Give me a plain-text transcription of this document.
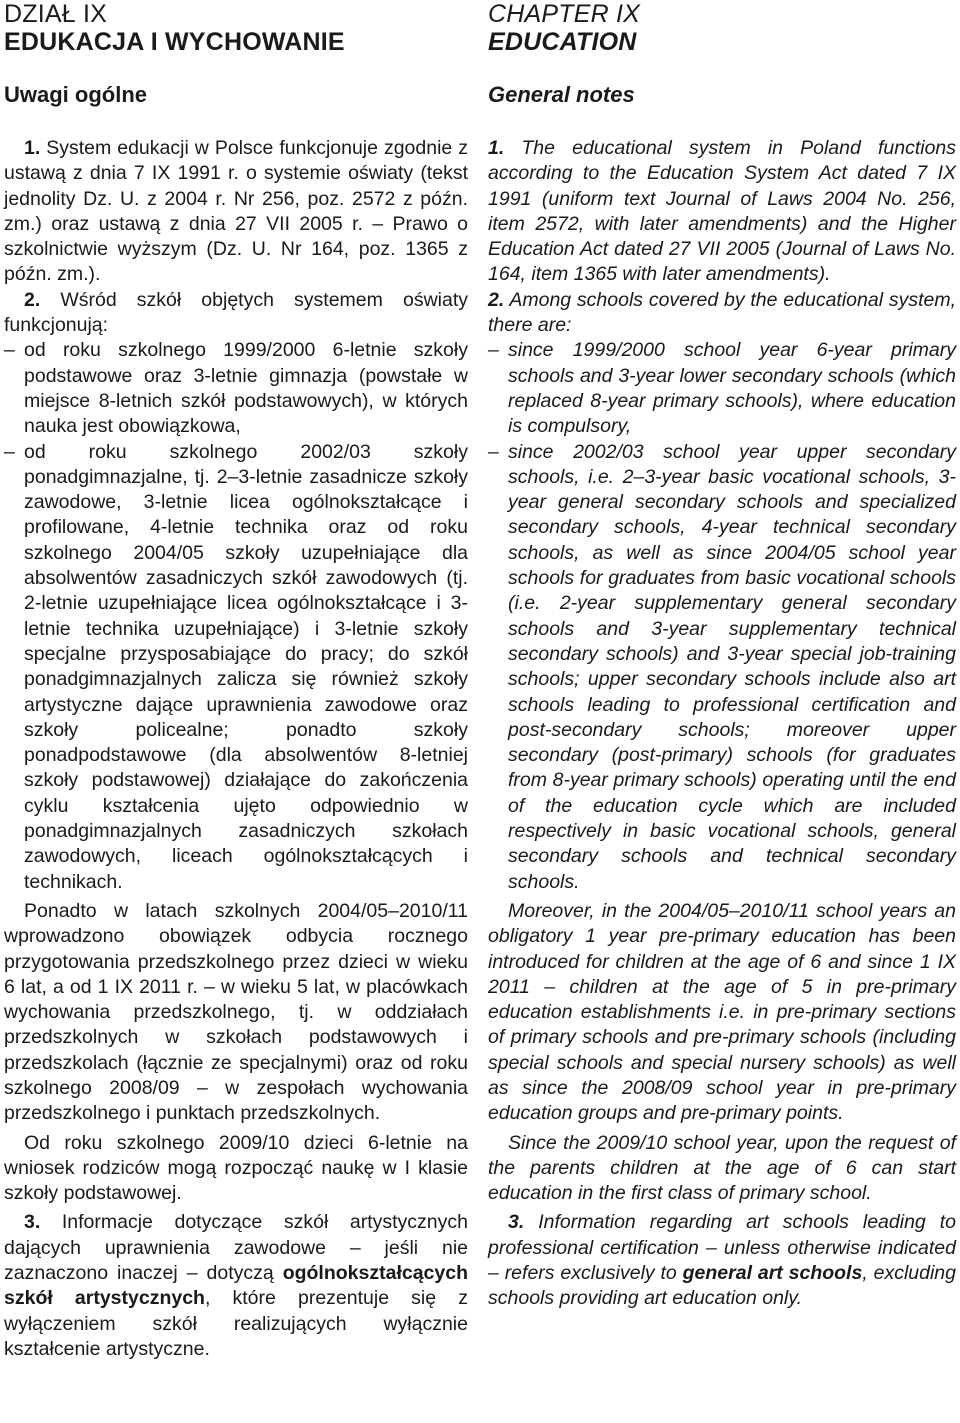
DZIAŁ IX
EDUKACJA I WYCHOWANIE
Uwagi ogólne

1. System edukacji w Polsce funkcjonuje zgodnie z ustawą z dnia 7 IX 1991 r. o systemie oświaty (tekst jednolity Dz. U. z 2004 r. Nr 256, poz. 2572 z późn. zm.) oraz ustawą z dnia 27 VII 2005 r. – Prawo o szkolnictwie wyższym (Dz. U. Nr 164, poz. 1365 z późn. zm.).

2. Wśród szkół objętych systemem oświaty funkcjonują:

– od roku szkolnego 1999/2000 6-letnie szkoły podstawowe oraz 3-letnie gimnazja (powstałe w miejsce 8-letnich szkół podstawowych), w których nauka jest obowiązkowa,

– od roku szkolnego 2002/03 szkoły ponadgimnazjalne, tj. 2–3-letnie zasadnicze szkoły zawodowe, 3-letnie licea ogólnokształcące i profilowane, 4-letnie technika oraz od roku szkolnego 2004/05 szkoły uzupełniające dla absolwentów zasadniczych szkół zawodowych (tj. 2-letnie uzupełniające licea ogólnokształcące i 3-letnie technika uzupełniające) i 3-letnie szkoły specjalne przysposabiające do pracy; do szkół ponadgimnazjalnych zalicza się również szkoły artystyczne dające uprawnienia zawodowe oraz szkoły policealne; ponadto szkoły ponadpodstawowe (dla absolwentów 8-letniej szkoły podstawowej) działające do zakończenia cyklu kształcenia ujęto odpowiednio w ponadgimnazjalnych zasadniczych szkołach zawodowych, liceach ogólnokształcących i technikach.

Ponadto w latach szkolnych 2004/05–2010/11 wprowadzono obowiązek odbycia rocznego przygotowania przedszkolnego przez dzieci w wieku 6 lat, a od 1 IX 2011 r. – w wieku 5 lat, w placówkach wychowania przedszkolnego, tj. w oddziałach przedszkolnych w szkołach podstawowych i przedszkolach (łącznie ze specjalnymi) oraz od roku szkolnego 2008/09 – w zespołach wychowania przedszkolnego i punktach przedszkolnych.

Od roku szkolnego 2009/10 dzieci 6-letnie na wniosek rodziców mogą rozpocząć naukę w I klasie szkoły podstawowej.

3. Informacje dotyczące szkół artystycznych dających uprawnienia zawodowe – jeśli nie zaznaczono inaczej – dotyczą ogólnokształcących szkół artystycznych, które prezentuje się z wyłączeniem szkół realizujących wyłącznie kształcenie artystyczne.

CHAPTER IX
EDUCATION
General notes

1. The educational system in Poland functions according to the Education System Act dated 7 IX 1991 (uniform text Journal of Laws 2004 No. 256, item 2572, with later amendments) and the Higher Education Act dated 27 VII 2005 (Journal of Laws No. 164, item 1365 with later amendments).

2. Among schools covered by the educational system, there are:

– since 1999/2000 school year 6-year primary schools and 3-year lower secondary schools (which replaced 8-year primary schools), where education is compulsory,

– since 2002/03 school year upper secondary schools, i.e. 2–3-year basic vocational schools, 3-year general secondary schools and specialized secondary schools, 4-year technical secondary schools, as well as since 2004/05 school year schools for graduates from basic vocational schools (i.e. 2-year supplementary general secondary schools and 3-year supplementary technical secondary schools) and 3-year special job-training schools; upper secondary schools include also art schools leading to professional certification and post-secondary schools; moreover upper secondary (post-primary) schools (for graduates from 8-year primary schools) operating until the end of the education cycle which are included respectively in basic vocational schools, general secondary schools and technical secondary schools.

Moreover, in the 2004/05–2010/11 school years an obligatory 1 year pre-primary education has been introduced for children at the age of 6 and since 1 IX 2011 – children at the age of 5 in pre-primary education establishments i.e. in pre-primary sections of primary schools and pre-primary schools (including special schools and special nursery schools) as well as since the 2008/09 school year in pre-primary education groups and pre-primary points.

Since the 2009/10 school year, upon the request of the parents children at the age of 6 can start education in the first class of primary school.

3. Information regarding art schools leading to professional certification – unless otherwise indicated – refers exclusively to general art schools, excluding schools providing art education only.
